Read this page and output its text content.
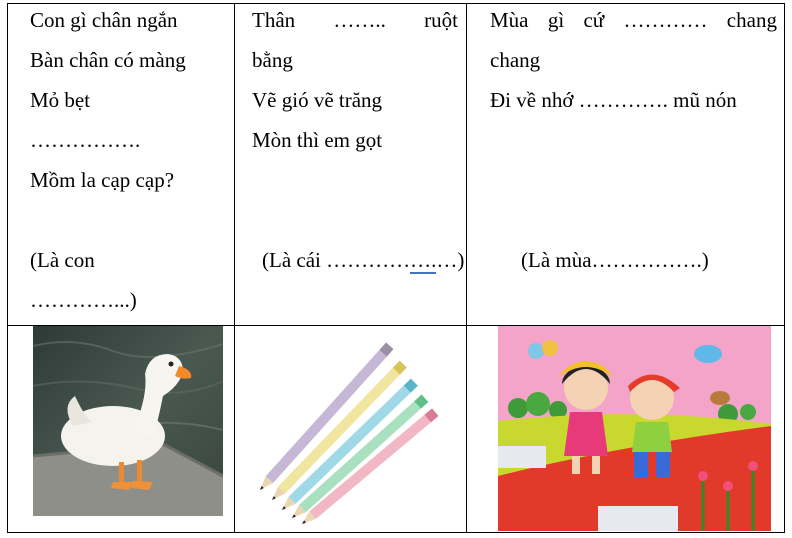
Con gì chân ngắn
Bàn chân có màng
Mỏ bẹt
…………….
Mồm la cạp cạp?
(Là con
…………...)
Thân …….. ruột
bằng
Vẽ gió vẽ trăng
Mòn thì em gọt
(Là cái …………….…)
Mùa gì cứ ………… chang
chang
Đi về nhớ …………. mũ nón
(Là mùa…………….)
